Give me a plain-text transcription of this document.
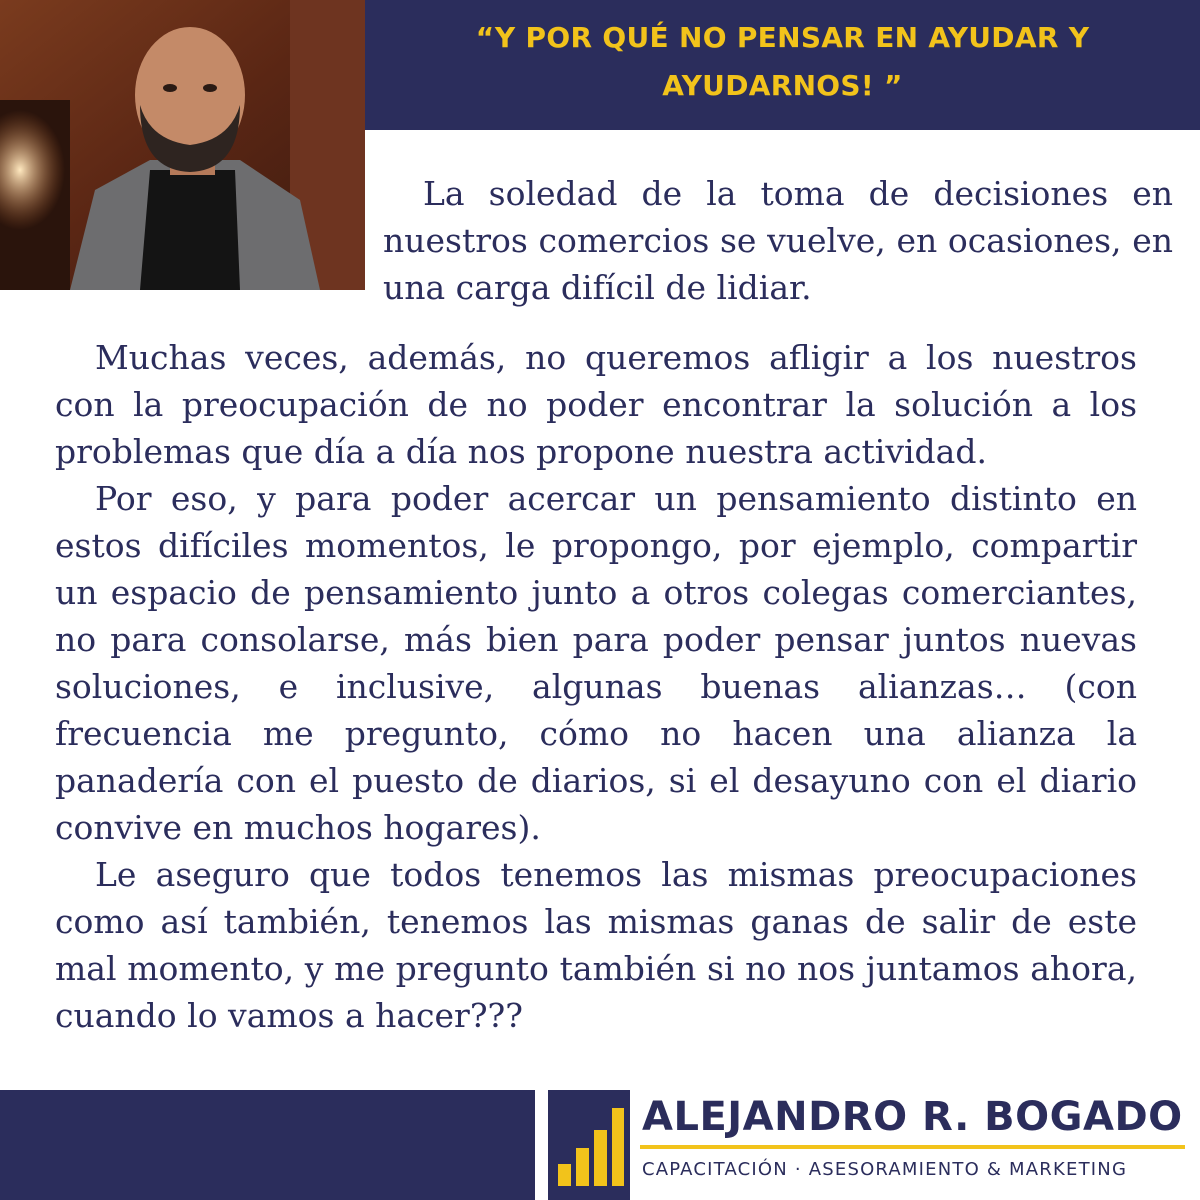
“Y POR QUÉ NO PENSAR EN AYUDAR Y
AYUDARNOS! ”
La soledad de la toma de decisiones en nuestros comercios se vuelve, en ocasiones, en una carga difícil de lidiar.

Muchas veces, además, no queremos afligir a los nuestros con la preocupación de no poder encontrar la solución a los problemas que día a día nos propone nuestra actividad.

Por eso, y para poder acercar un pensamiento distinto en estos difíciles momentos, le propongo, por ejemplo, compartir un espacio de pensamiento junto a otros colegas comerciantes, no para consolarse, más bien para poder pensar juntos nuevas soluciones, e inclusive, algunas buenas alianzas… (con frecuencia me pregunto, cómo no hacen una alianza la panadería con el puesto de diarios, si el desayuno con el diario convive en muchos hogares).

Le aseguro que todos tenemos las mismas preocupaciones como así también, tenemos las mismas ganas de salir de este mal momento, y me pregunto también si no nos juntamos ahora, cuando lo vamos a hacer???

ALEJANDRO R. BOGADO
CAPACITACIÓN · ASESORAMIENTO & MARKETING
